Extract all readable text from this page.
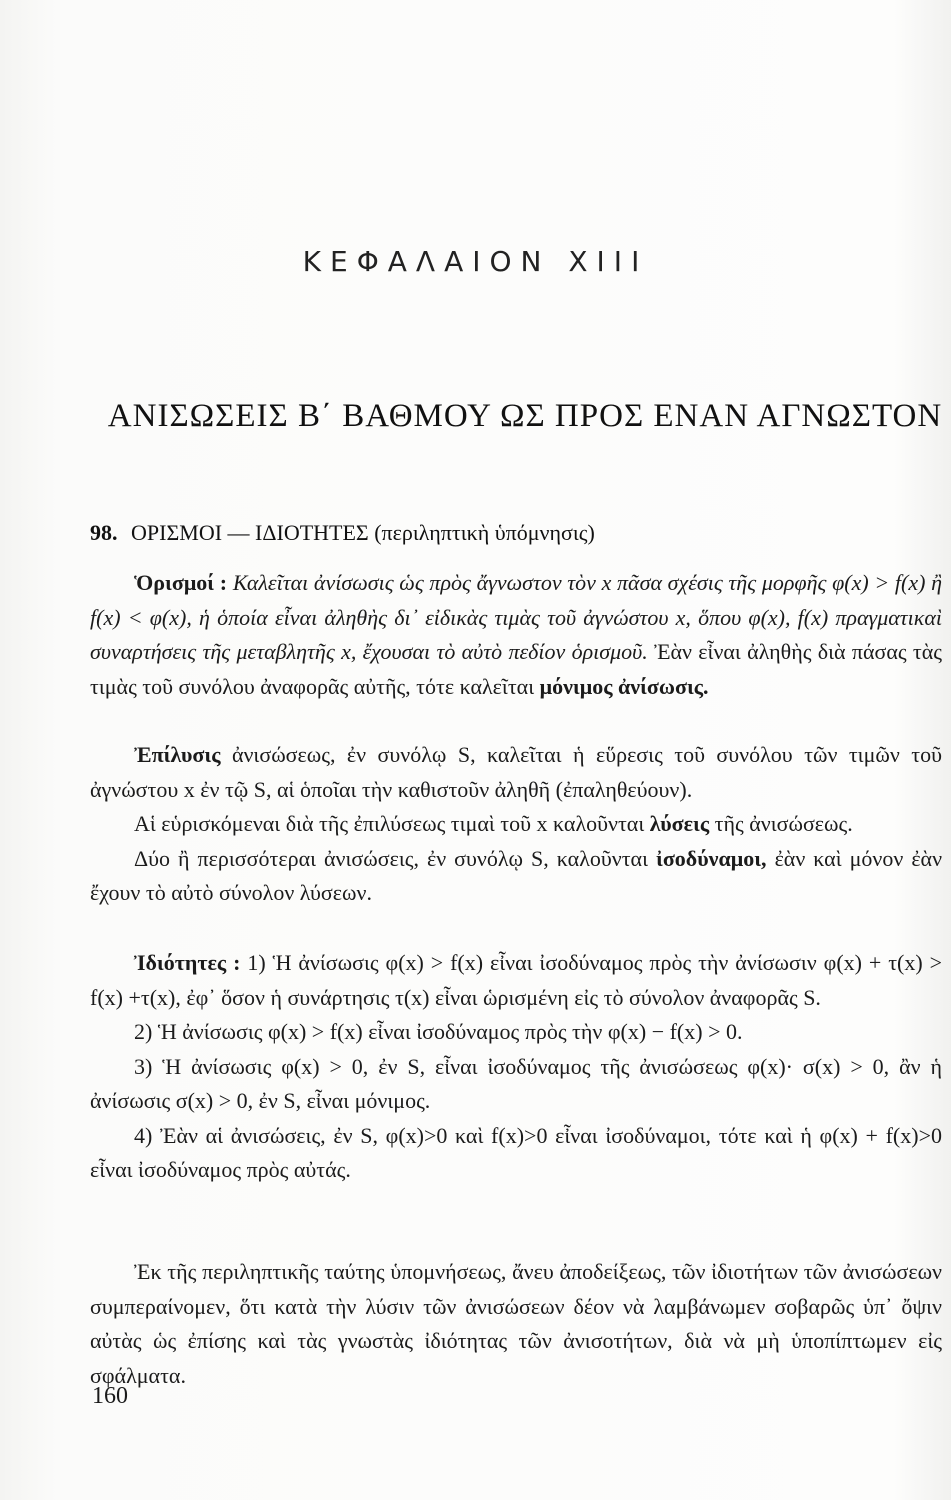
ΚΕΦΑΛΑΙΟΝ XIII
ΑΝΙΣΩΣΕΙΣ Β΄ ΒΑΘΜΟΥ ΩΣ ΠΡΟΣ ΕΝΑΝ ΑΓΝΩΣΤΟΝ
98. ΟΡΙΣΜΟΙ — ΙΔΙΟΤΗΤΕΣ (περιληπτικὴ ὑπόμνησις)
Ὁρισμοί : Καλεῖται ἀνίσωσις ὡς πρὸς ἄγνωστον τὸν x πᾶσα σχέσις τῆς μορφῆς φ(x) > f(x) ἢ f(x) < φ(x), ἡ ὁποία εἶναι ἀληθὴς δι᾽ εἰδικὰς τιμὰς τοῦ ἀγνώστου x, ὅπου φ(x), f(x) πραγματικαὶ συναρτήσεις τῆς μεταβλητῆς x, ἔχουσαι τὸ αὐτὸ πεδίον ὁρισμοῦ. Ἐὰν εἶναι ἀληθὴς διὰ πάσας τὰς τιμὰς τοῦ συνόλου ἀναφορᾶς αὐτῆς, τότε καλεῖται μόνιμος ἀνίσωσις.
Ἐπίλυσις ἀνισώσεως, ἐν συνόλῳ S, καλεῖται ἡ εὕρεσις τοῦ συνόλου τῶν τιμῶν τοῦ ἀγνώστου x ἐν τῷ S, αἱ ὁποῖαι τὴν καθιστοῦν ἀληθῆ (ἐπαληθεύουν).
Αἱ εὑρισκόμεναι διὰ τῆς ἐπιλύσεως τιμαὶ τοῦ x καλοῦνται λύσεις τῆς ἀνισώσεως.
Δύο ἢ περισσότεραι ἀνισώσεις, ἐν συνόλῳ S, καλοῦνται ἰσοδύναμοι, ἐὰν καὶ μόνον ἐὰν ἔχουν τὸ αὐτὸ σύνολον λύσεων.
Ἰδιότητες : 1) Ἡ ἀνίσωσις φ(x) > f(x) εἶναι ἰσοδύναμος πρὸς τὴν ἀνίσωσιν φ(x) + τ(x) > f(x) +τ(x), ἐφ᾽ ὅσον ἡ συνάρτησις τ(x) εἶναι ὡρισμένη εἰς τὸ σύνολον ἀναφορᾶς S.
2) Ἡ ἀνίσωσις φ(x) > f(x) εἶναι ἰσοδύναμος πρὸς τὴν φ(x) − f(x) > 0.
3) Ἡ ἀνίσωσις φ(x) > 0, ἐν S, εἶναι ἰσοδύναμος τῆς ἀνισώσεως φ(x)· σ(x) > 0, ἂν ἡ ἀνίσωσις σ(x) > 0, ἐν S, εἶναι μόνιμος.
4) Ἐὰν αἱ ἀνισώσεις, ἐν S, φ(x)>0 καὶ f(x)>0 εἶναι ἰσοδύναμοι, τότε καὶ ἡ φ(x) + f(x)>0 εἶναι ἰσοδύναμος πρὸς αὐτάς.
Ἐκ τῆς περιληπτικῆς ταύτης ὑπομνήσεως, ἄνευ ἀποδείξεως, τῶν ἰδιοτήτων τῶν ἀνισώσεων συμπεραίνομεν, ὅτι κατὰ τὴν λύσιν τῶν ἀνισώσεων δέον νὰ λαμβάνωμεν σοβαρῶς ὑπ᾽ ὄψιν αὐτὰς ὡς ἐπίσης καὶ τὰς γνωστὰς ἰδιότητας τῶν ἀνισοτήτων, διὰ νὰ μὴ ὑποπίπτωμεν εἰς σφάλματα.
160
